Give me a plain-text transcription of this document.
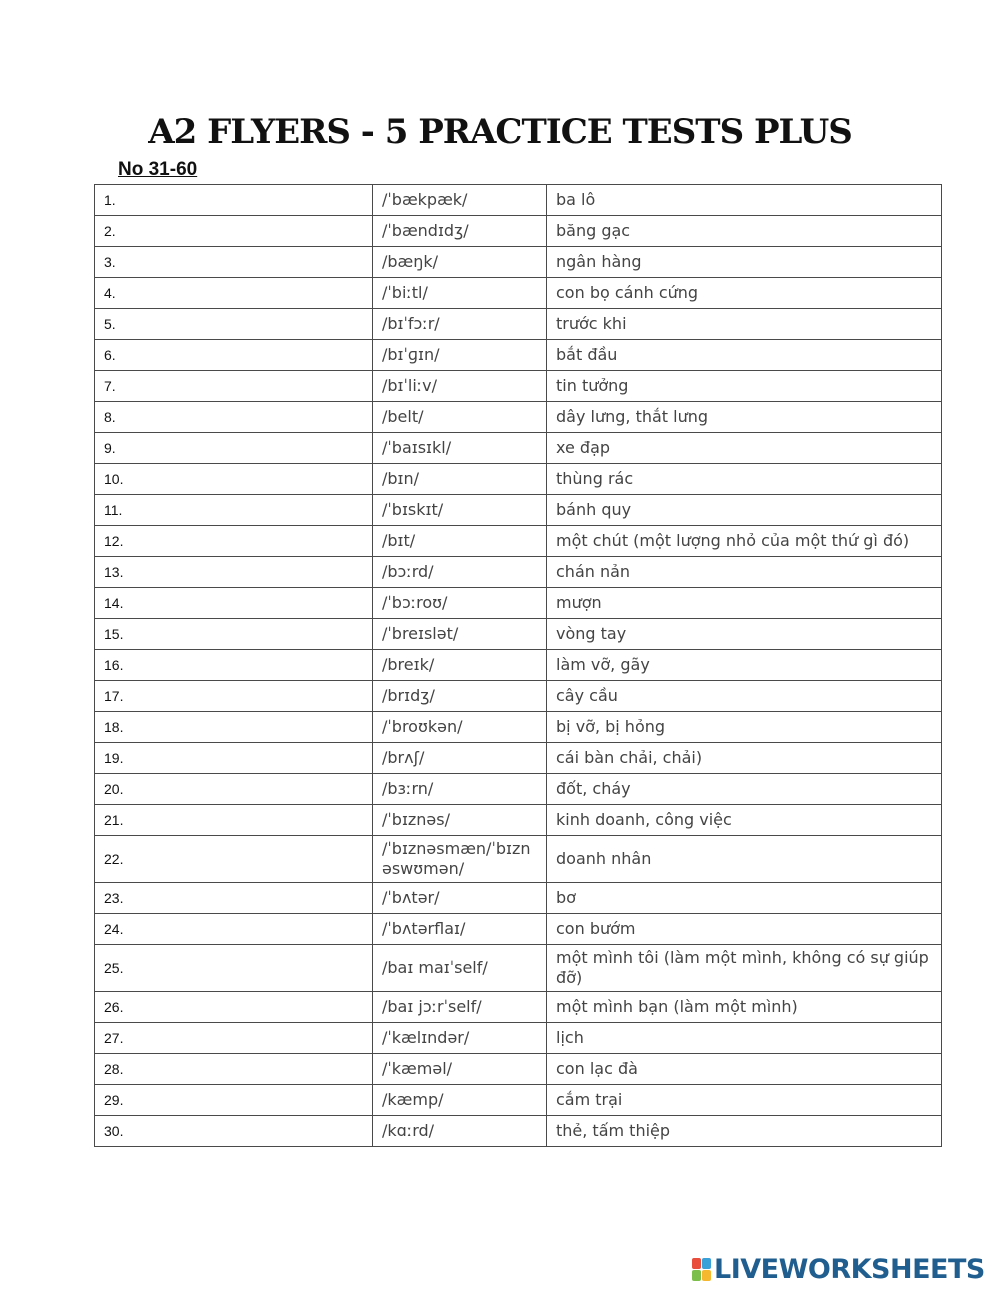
A2 FLYERS - 5 PRACTICE TESTS PLUS
No 31-60
1.	/ˈbækpæk/	ba lô
2.	/ˈbændɪdʒ/	băng gạc
3.	/bæŋk/	ngân hàng
4.	/ˈbiːtl/	con bọ cánh cứng
5.	/bɪˈfɔːr/	trước khi
6.	/bɪˈɡɪn/	bắt đầu
7.	/bɪˈliːv/	tin tưởng
8.	/belt/	dây lưng, thắt lưng
9.	/ˈbaɪsɪkl/	xe đạp
10.	/bɪn/	thùng rác
11.	/ˈbɪskɪt/	bánh quy
12.	/bɪt/	một chút (một lượng nhỏ của một thứ gì đó)
13.	/bɔːrd/	chán nản
14.	/ˈbɔːroʊ/	mượn
15.	/ˈbreɪslət/	vòng tay
16.	/breɪk/	làm vỡ, gãy
17.	/brɪdʒ/	cây cầu
18.	/ˈbroʊkən/	bị vỡ, bị hỏng
19.	/brʌʃ/	cái bàn chải, chải)
20.	/bɜːrn/	đốt, cháy
21.	/ˈbɪznəs/	kinh doanh, công việc
22.	/ˈbɪznəsmæn/ˈbɪzn əswʊmən/	doanh nhân
23.	/ˈbʌtər/	bơ
24.	/ˈbʌtərflaɪ/	con bướm
25.	/baɪ maɪˈself/	một mình tôi (làm một mình, không có sự giúp đỡ)
26.	/baɪ jɔːrˈself/	một mình bạn (làm một mình)
27.	/ˈkælɪndər/	lịch
28.	/ˈkæməl/	con lạc đà
29.	/kæmp/	cắm trại
30.	/kɑːrd/	thẻ, tấm thiệp
LIVEWORKSHEETS
